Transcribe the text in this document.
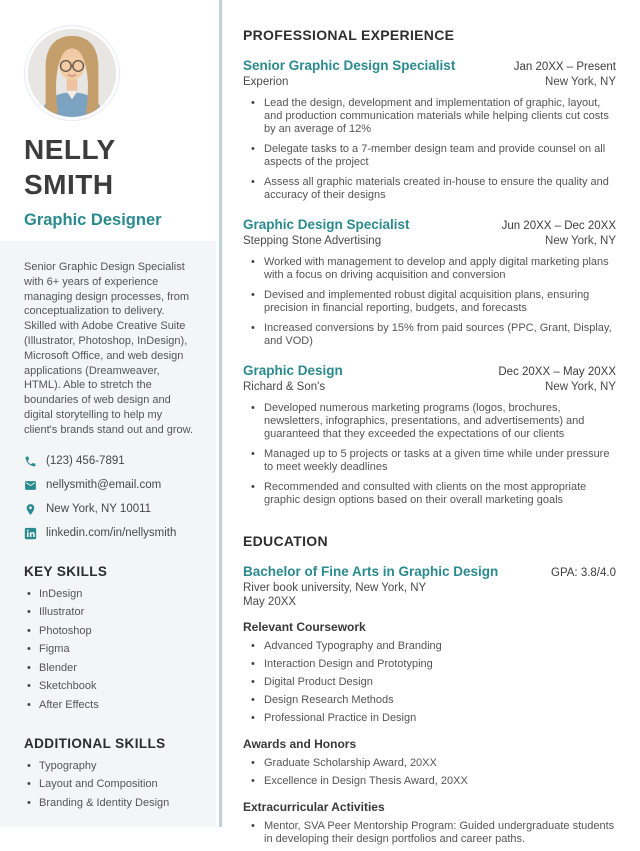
NELLY
SMITH
Graphic Designer

Senior Graphic Design Specialist with 6+ years of experience managing design processes, from conceptualization to delivery. Skilled with Adobe Creative Suite (Illustrator, Photoshop, InDesign), Microsoft Office, and web design applications (Dreamweaver, HTML). Able to stretch the boundaries of web design and digital storytelling to help my client's brands stand out and grow.

(123) 456-7891
nellysmith@email.com
New York, NY 10011
linkedin.com/in/nellysmith
KEY SKILLS
• InDesign
• Illustrator
• Photoshop
• Figma
• Blender
• Sketchbook
• After Effects
ADDITIONAL SKILLS
• Typography
• Layout and Composition
• Branding & Identity Design
PROFESSIONAL EXPERIENCE
Senior Graphic Design Specialist	Jan 20XX – Present
Experion	New York, NY
• Lead the design, development and implementation of graphic, layout, and production communication materials while helping clients cut costs by an average of 12%
• Delegate tasks to a 7-member design team and provide counsel on all aspects of the project
• Assess all graphic materials created in-house to ensure the quality and accuracy of their designs
Graphic Design Specialist	Jun 20XX – Dec 20XX
Stepping Stone Advertising	New York, NY
• Worked with management to develop and apply digital marketing plans with a focus on driving acquisition and conversion
• Devised and implemented robust digital acquisition plans, ensuring precision in financial reporting, budgets, and forecasts
• Increased conversions by 15% from paid sources (PPC, Grant, Display, and VOD)
Graphic Design	Dec 20XX – May 20XX
Richard & Son's	New York, NY
• Developed numerous marketing programs (logos, brochures, newsletters, infographics, presentations, and advertisements) and guaranteed that they exceeded the expectations of our clients
• Managed up to 5 projects or tasks at a given time while under pressure to meet weekly deadlines
• Recommended and consulted with clients on the most appropriate graphic design options based on their overall marketing goals
EDUCATION
Bachelor of Fine Arts in Graphic Design	GPA: 3.8/4.0
River book university, New York, NY
May 20XX
Relevant Coursework
• Advanced Typography and Branding
• Interaction Design and Prototyping
• Digital Product Design
• Design Research Methods
• Professional Practice in Design
Awards and Honors
• Graduate Scholarship Award, 20XX
• Excellence in Design Thesis Award, 20XX
Extracurricular Activities
• Mentor, SVA Peer Mentorship Program: Guided undergraduate students in developing their design portfolios and career paths.
